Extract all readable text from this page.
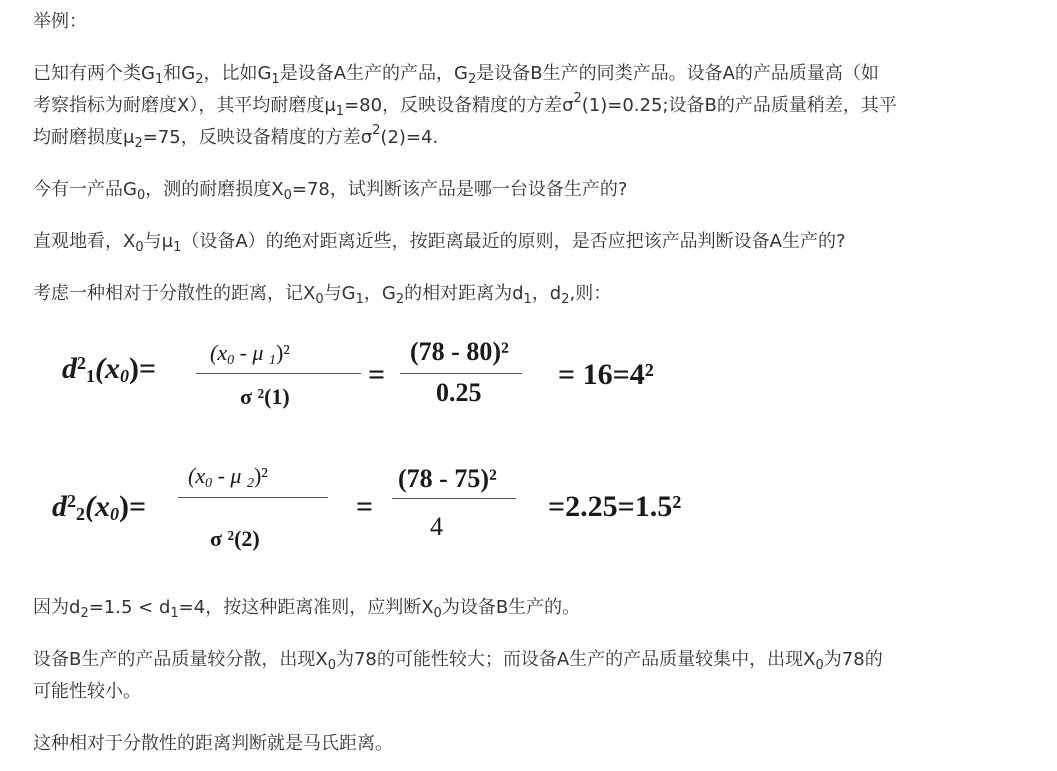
举例：
已知有两个类$G_1$和$G_2$，比如$G_1$是设备A生产的产品，$G_2$是设备B生产的同类产品。设备A的产品质量高（如
考察指标为耐磨度X），其平均耐磨度$\mu_1=80$，反映设备精度的方差$\sigma^2(1)=0.25$;设备B的产品质量稍差，其平
均耐磨损度$\mu_2=75$，反映设备精度的方差$\sigma^2(2)=4$.
今有一产品$G_0$，测的耐磨损度$X_0=78$，试判断该产品是哪一台设备生产的?
直观地看，$X_0$与$\mu_1$（设备A）的绝对距离近些，按距离最近的原则，是否应把该产品判断设备A生产的?
考虑一种相对于分散性的距离，记$X_0$与$G_1$，$G_2$的相对距离为$d_1$，$d_2$,则：
$d^2_1(x_0)= (x_0 - \mu$ $_1$)²
σ ²(1)
=
(78 - 80)²
0.25
= 16=4²
$d^2_2(x_0)=$
($x_0$ - μ $_2$)²
σ ²(2)
=
(78 - 75)²
4
=2.25=1.5²
因为$d_2=1.5 < d_1=4$，按这种距离准则，应判断$X_0$为设备B生产的。
设备B生产的产品质量较分散，出现$X_0$为78的可能性较大；而设备A生产的产品质量较集中，出现$X_0$为78的
可能性较小。
这种相对于分散性的距离判断就是马氏距离。
